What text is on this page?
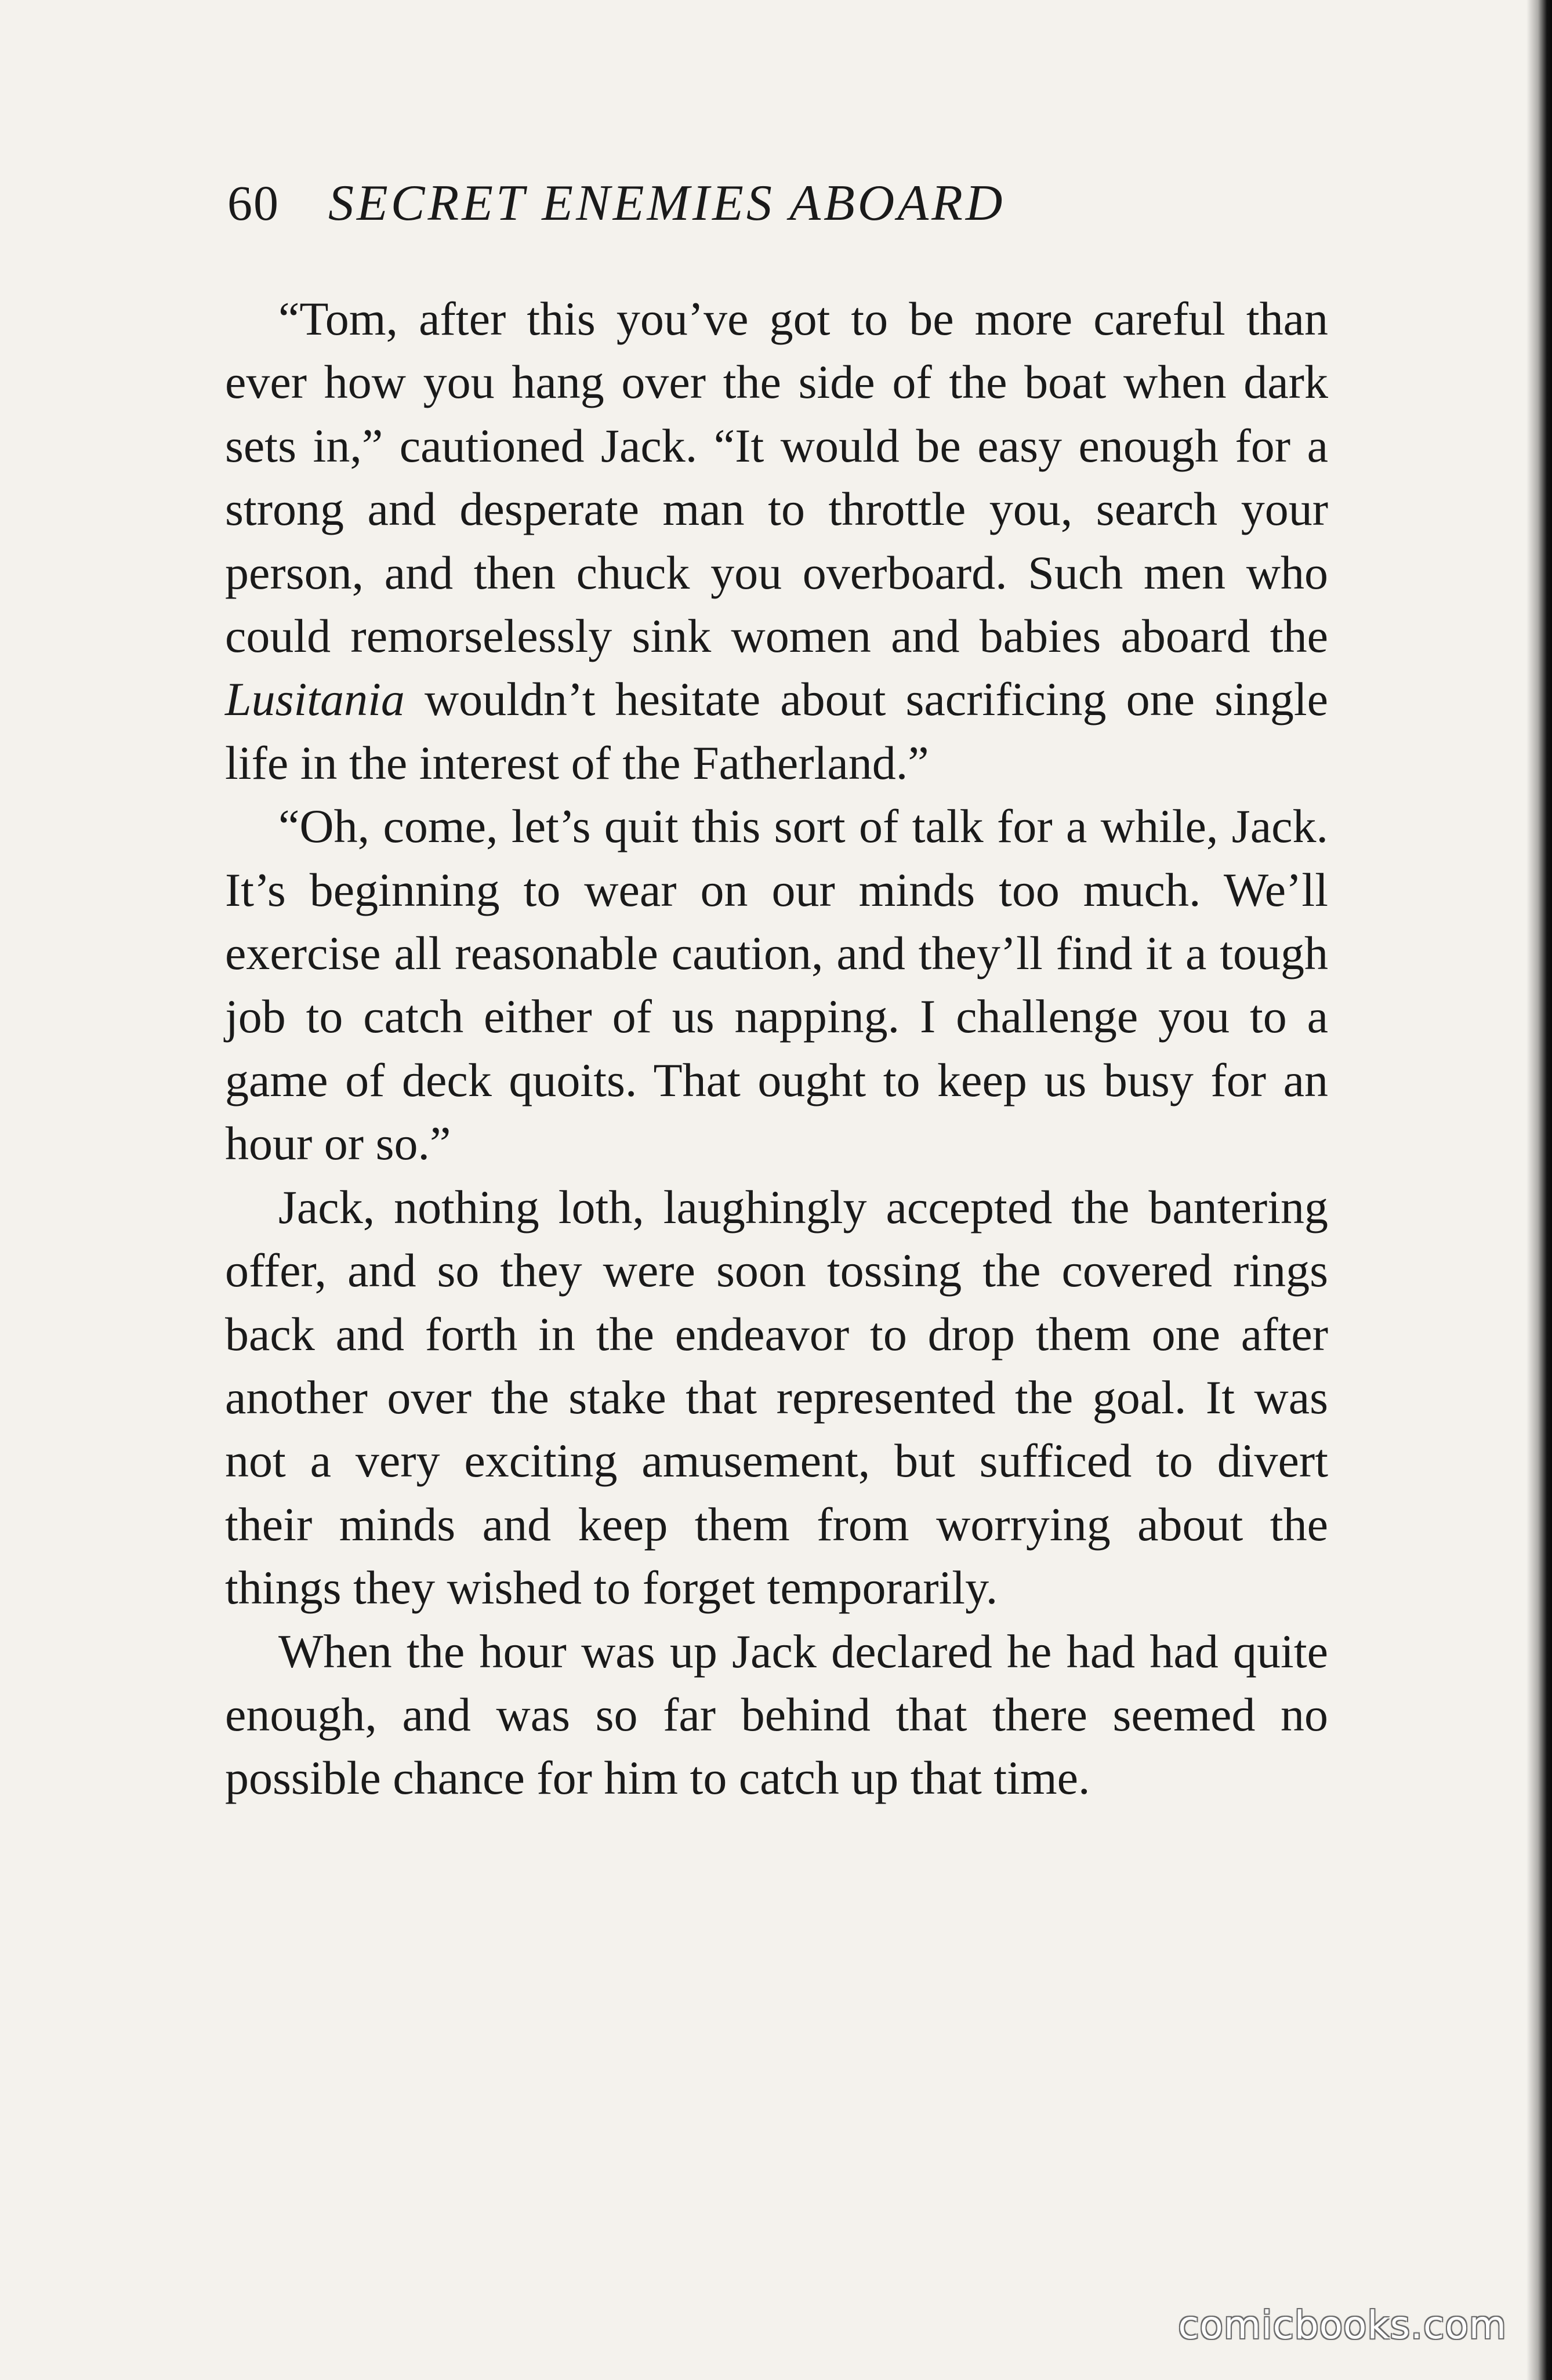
60 SECRET ENEMIES ABOARD

“Tom, after this you’ve got to be more careful than ever how you hang over the side of the boat when dark sets in,” cautioned Jack. “It would be easy enough for a strong and desperate man to throttle you, search your person, and then chuck you overboard. Such men who could remorselessly sink women and babies aboard the Lusitania wouldn’t hesitate about sacrificing one single life in the interest of the Fatherland.”

“Oh, come, let’s quit this sort of talk for a while, Jack. It’s beginning to wear on our minds too much. We’ll exercise all reasonable caution, and they’ll find it a tough job to catch either of us napping. I challenge you to a game of deck quoits. That ought to keep us busy for an hour or so.”

Jack, nothing loth, laughingly accepted the bantering offer, and so they were soon tossing the covered rings back and forth in the endeavor to drop them one after another over the stake that represented the goal. It was not a very exciting amusement, but sufficed to divert their minds and keep them from worrying about the things they wished to forget temporarily.

When the hour was up Jack declared he had had quite enough, and was so far behind that there seemed no possible chance for him to catch up that time.

comicbooks.com
